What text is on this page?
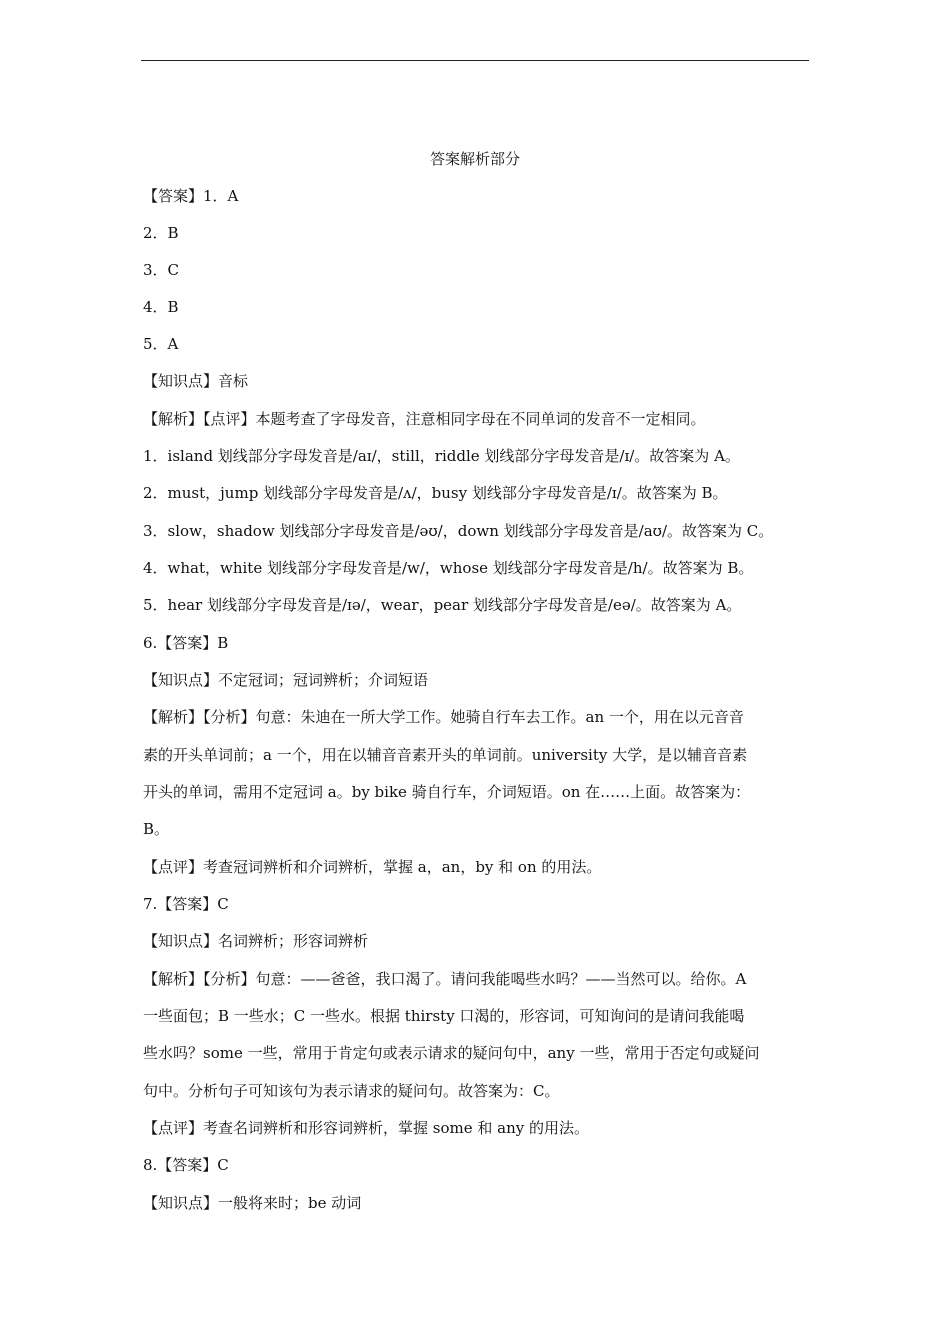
答案解析部分
【答案】1．A
2．B
3．C
4．B
5．A
【知识点】音标
【解析】【点评】本题考查了字母发音，注意相同字母在不同单词的发音不一定相同。
1．island 划线部分字母发音是/aɪ/，still，riddle 划线部分字母发音是/ɪ/。故答案为 A。
2．must，jump 划线部分字母发音是/ʌ/，busy 划线部分字母发音是/ɪ/。故答案为 B。
3．slow，shadow 划线部分字母发音是/əʊ/，down 划线部分字母发音是/aʊ/。故答案为 C。
4．what，white 划线部分字母发音是/w/，whose 划线部分字母发音是/h/。故答案为 B。
5．hear 划线部分字母发音是/ɪə/，wear，pear 划线部分字母发音是/eə/。故答案为 A。
6.【答案】B
【知识点】不定冠词；冠词辨析；介词短语
【解析】【分析】句意：朱迪在一所大学工作。她骑自行车去工作。an 一个，用在以元音音
素的开头单词前；a 一个，用在以辅音音素开头的单词前。university 大学，是以辅音音素
开头的单词，需用不定冠词 a。by bike 骑自行车，介词短语。on 在……上面。故答案为：
B。
【点评】考查冠词辨析和介词辨析，掌握 a，an，by 和 on 的用法。
7.【答案】C
【知识点】名词辨析；形容词辨析
【解析】【分析】句意：——爸爸，我口渴了。请问我能喝些水吗？——当然可以。给你。A
一些面包；B 一些水；C 一些水。根据 thirsty 口渴的，形容词，可知询问的是请问我能喝
些水吗？some 一些，常用于肯定句或表示请求的疑问句中，any 一些，常用于否定句或疑问
句中。分析句子可知该句为表示请求的疑问句。故答案为：C。
【点评】考查名词辨析和形容词辨析，掌握 some 和 any 的用法。
8.【答案】C
【知识点】一般将来时；be 动词
